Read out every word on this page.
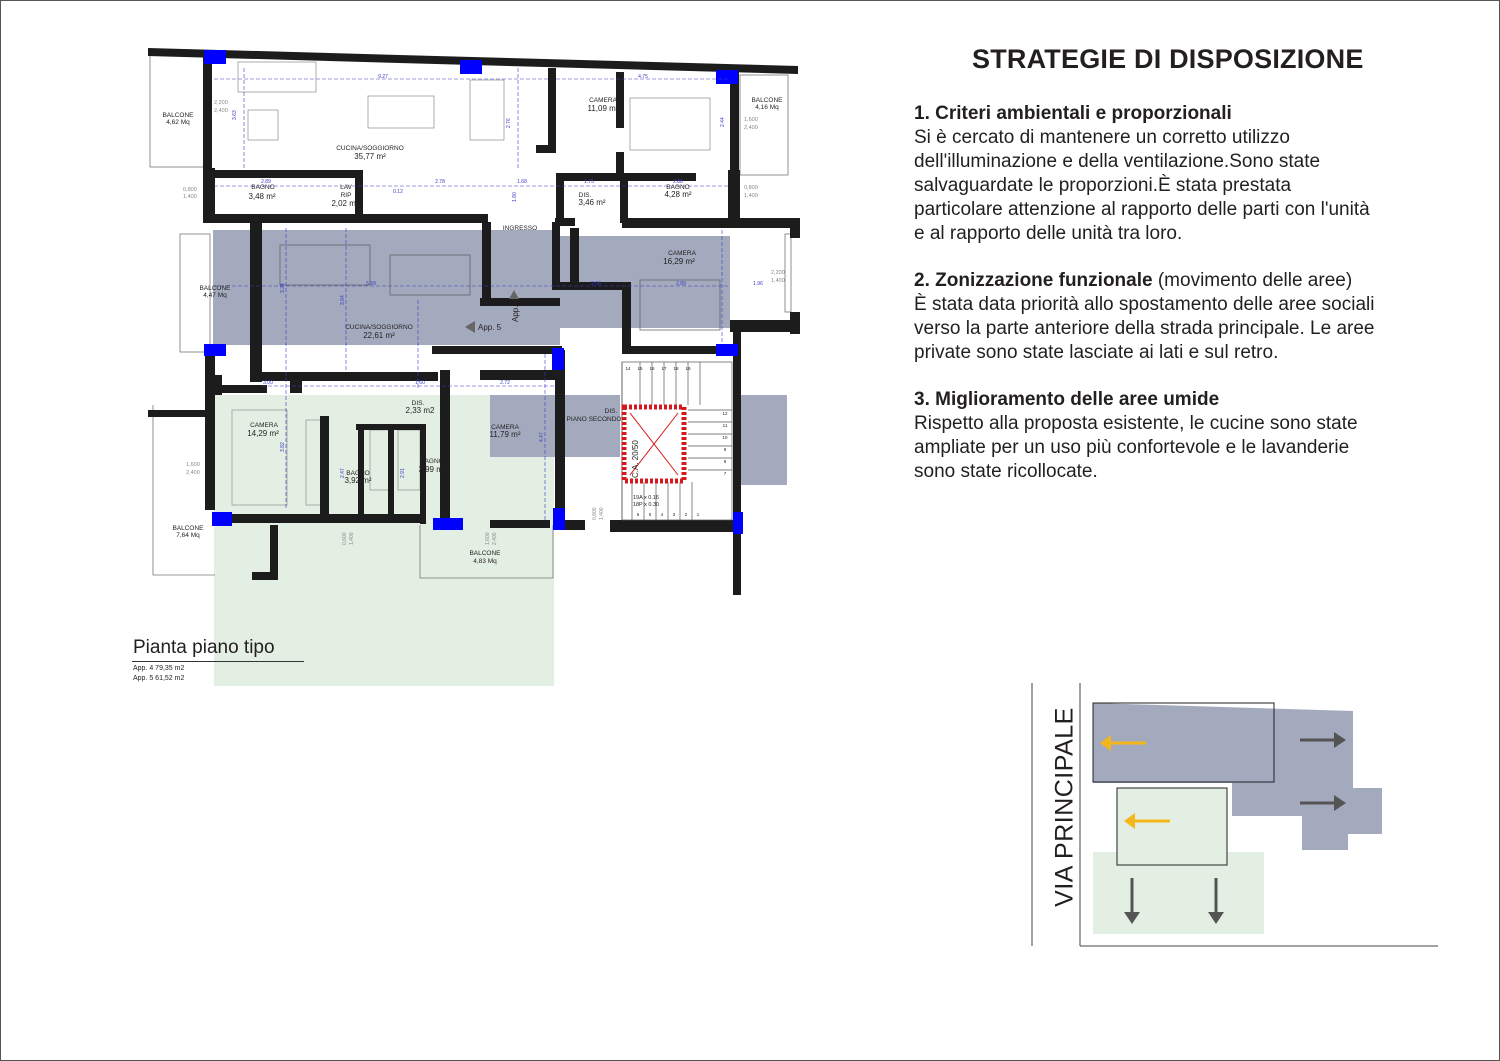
BALCONE
4,62 Mq
CUCINA/SOGGIORNO
35,77 m²
CAMERA
11,09 m²
BALCONE
4,16 Mq
BAGNO
3,48 m²
LAV
RIP
2,02 m²
DIS.
3,46 m²
BAGNO
4,28 m²
INGRESSO
CAMERA
16,29 m²
BALCONE
4,47 Mq
CUCINA/SOGGIORNO
22,61 m²
DIS.
2,33 m2
CAMERA
14,29 m²
BAGNO
3,92 m²
BAGNO
3,99 m²
CAMERA
11,79 m²
DIS.
PIANO SECONDO
BALCONE
7,64 Mq
BALCONE
4,83 Mq
19A x 0.16
18P x 0.30
App. 5
App. 4
C.A. 20/50
9.27	4.75
2.78
2.89	1.68	1.75	2.88
5.99	2.06	2.89	1.96
3.00	1.60	2.72
0.12
3.24
3.84
1.80
4.47
3.82
2.47	2.91
2.76
3.63
2.44
2,200
2,400
1,600
2,400
0,800
1,400
0,800
1,400
2,200
1,400
1,600
2,400
0,800 1,400
0,600 1,400	1,600 2,400
14 15 16 17 18 19
12
11
10
9
8
7
6 5 4 3 2 1
STRATEGIE DI DISPOSIZIONE
1. Criteri ambientali e proporzionali

Si è cercato di mantenere un corretto utilizzo

dell'illuminazione e della ventilazione.Sono state

salvaguardate le proporzioni.È stata prestata

particolare attenzione al rapporto delle parti con l'unità

e al rapporto delle unità tra loro.

2. Zonizzazione funzionale (movimento delle aree)

È stata data priorità allo spostamento delle aree sociali

verso la parte anteriore della strada principale. Le aree

private sono state lasciate ai lati e sul retro.

3. Miglioramento delle aree umide

Rispetto alla proposta esistente, le cucine sono state

ampliate per un uso più confortevole e le lavanderie

sono state ricollocate.

Pianta piano tipo
App. 4 79,35 m2
App. 5 61,52 m2
VIA PRINCIPALE
